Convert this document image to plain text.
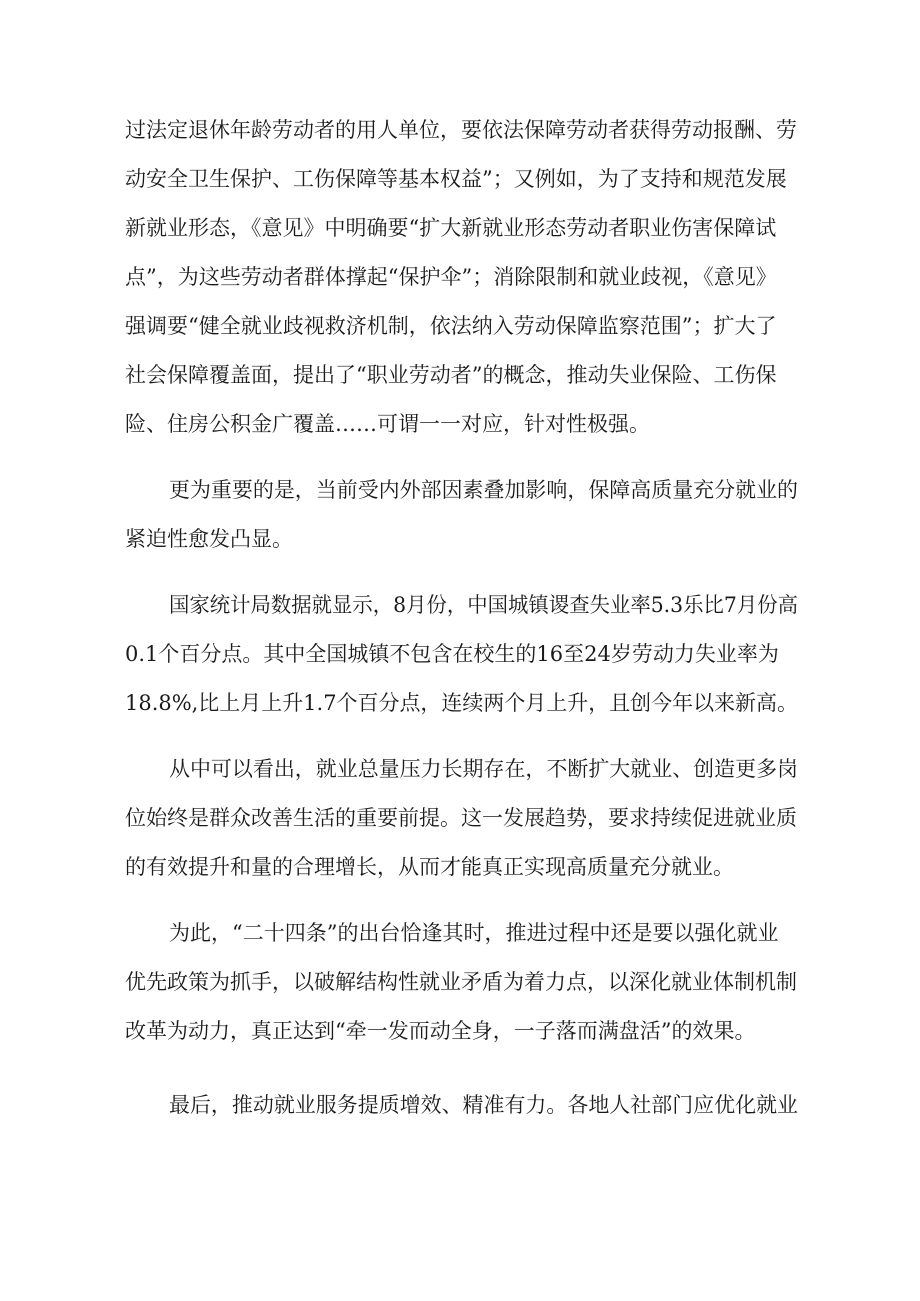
过法定退休年龄劳动者的用人单位，要依法保障劳动者获得劳动报酬、劳
动安全卫生保护、工伤保障等基本权益”；又例如，为了支持和规范发展
新就业形态，《意见》中明确要“扩大新就业形态劳动者职业伤害保障试
点”，为这些劳动者群体撑起“保护伞”；消除限制和就业歧视，《意见》
强调要“健全就业歧视救济机制，依法纳入劳动保障监察范围”；扩大了
社会保障覆盖面，提出了“职业劳动者”的概念，推动失业保险、工伤保
险、住房公积金广覆盖……可谓一一对应，针对性极强。
更为重要的是，当前受内外部因素叠加影响，保障高质量充分就业的
紧迫性愈发凸显。
国家统计局数据就显示，8月份，中国城镇谡查失业率5.3乐比7月份高
0.1个百分点。其中全国城镇不包含在校生的16至24岁劳动力失业率为
18.8%,比上月上升1.7个百分点，连续两个月上升，且创今年以来新高。
从中可以看出，就业总量压力长期存在，不断扩大就业、创造更多岗
位始终是群众改善生活的重要前提。这一发展趋势，要求持续促进就业质
的有效提升和量的合理增长，从而才能真正实现高质量充分就业。
为此，“二十四条”的出台恰逢其时，推进过程中还是要以强化就业
优先政策为抓手，以破解结构性就业矛盾为着力点，以深化就业体制机制
改革为动力，真正达到“牵一发而动全身，一子落而满盘活”的效果。
最后，推动就业服务提质增效、精准有力。各地人社部门应优化就业
